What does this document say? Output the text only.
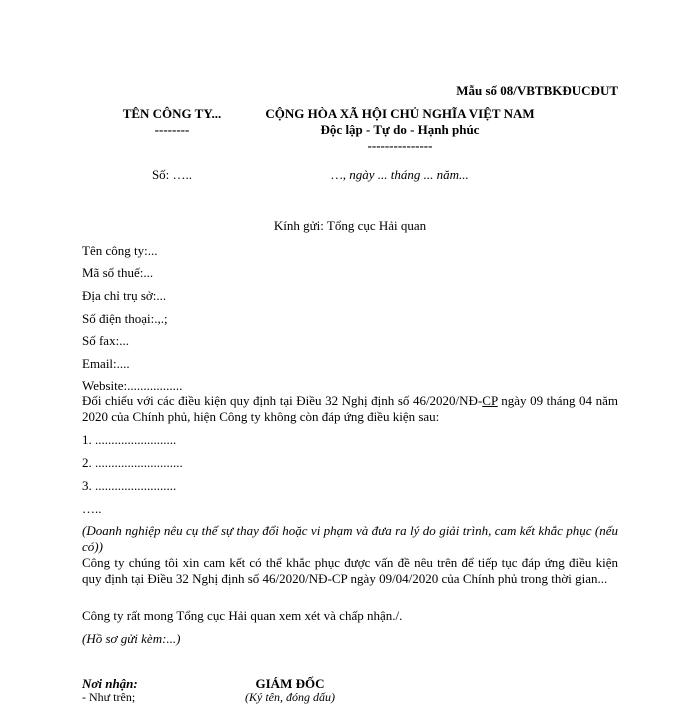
Mẫu số 08/VBTBKĐUCĐUT
TÊN CÔNG TY...
--------
CỘNG HÒA XÃ HỘI CHỦ NGHĨA VIỆT NAM
Độc lập - Tự do - Hạnh phúc
---------------
Số: …..	…, ngày ... tháng ... năm...
Kính gửi: Tổng cục Hải quan
Tên công ty:...
Mã số thuế:...
Địa chỉ trụ sở:...
Số điện thoại:.,.;
Số fax:...
Email:....
Website:.................
Đối chiếu với các điều kiện quy định tại Điều 32 Nghị định số 46/2020/NĐ-CP ngày 09 tháng 04 năm 2020 của Chính phủ, hiện Công ty không còn đáp ứng điều kiện sau:
1. .........................
2. ...........................
3. .........................
…..
(Doanh nghiệp nêu cụ thể sự thay đổi hoặc vi phạm và đưa ra lý do giải trình, cam kết khắc phục (nếu có))
Công ty chúng tôi xin cam kết có thể khắc phục được vấn đề nêu trên để tiếp tục đáp ứng điều kiện quy định tại Điều 32 Nghị định số 46/2020/NĐ-CP ngày 09/04/2020 của Chính phủ trong thời gian...
Công ty rất mong Tổng cục Hải quan xem xét và chấp nhận./.
(Hồ sơ gửi kèm:...)
Nơi nhận:
- Như trên;
GIÁM ĐỐC
(Ký tên, đóng dấu)
